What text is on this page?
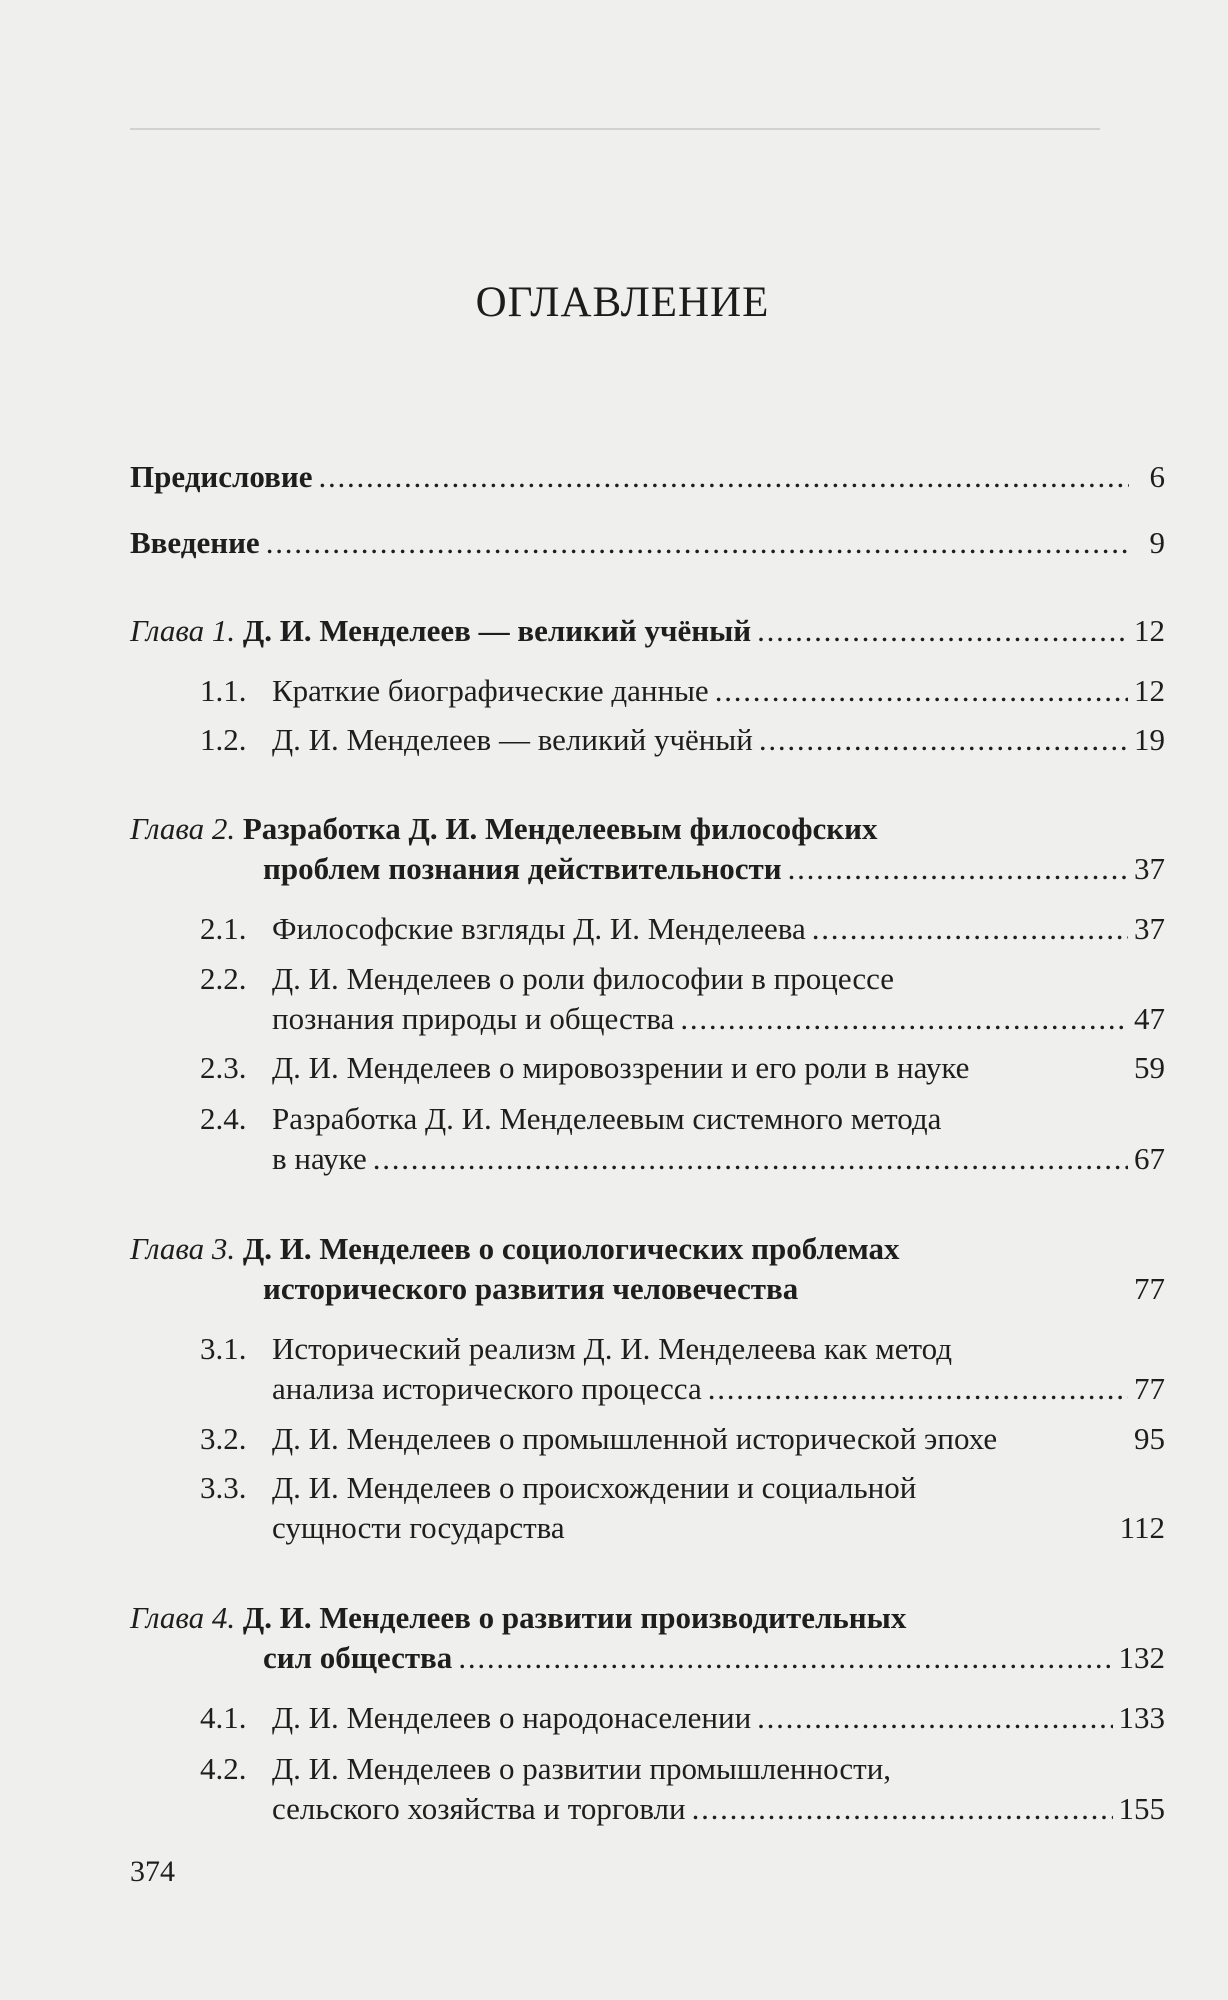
ОГЛАВЛЕНИЕ
Предисловие . . .	6
Введение . . .	9
Глава 1. Д. И. Менделеев — великий учёный . . .	12
1.1. Краткие биографические данные . . .	12
1.2. Д. И. Менделеев — великий учёный . . .	19
Глава 2. Разработка Д. И. Менделеевым философских
проблем познания действительности . . .	37
2.1. Философские взгляды Д. И. Менделеева . . .	37
2.2. Д. И. Менделеев о роли философии в процессе
познания природы и общества . . .	47
2.3. Д. И. Менделеев о мировоззрении и его роли в науке	59
2.4. Разработка Д. И. Менделеевым системного метода
в науке . . .	67
Глава 3. Д. И. Менделеев о социологических проблемах
исторического развития человечества	77
3.1. Исторический реализм Д. И. Менделеева как метод
анализа исторического процесса . . .	77
3.2. Д. И. Менделеев о промышленной исторической эпохе	95
3.3. Д. И. Менделеев о происхождении и социальной
сущности государства	112
Глава 4. Д. И. Менделеев о развитии производительных
сил общества . . .	132
4.1. Д. И. Менделеев о народонаселении . . .	133
4.2. Д. И. Менделеев о развитии промышленности,
сельского хозяйства и торговли . . .	155
374
